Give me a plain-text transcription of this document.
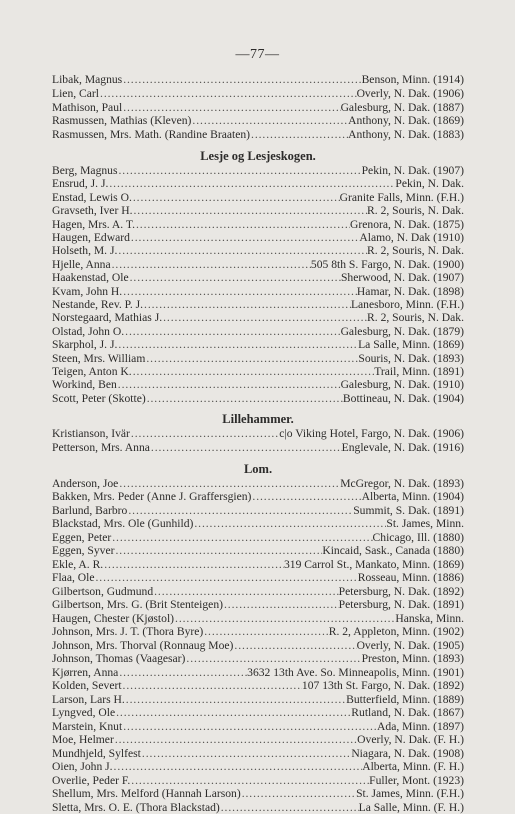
—77—
Libak, Magnus . . .	Benson, Minn. (1914)
Lien, Carl . . .	Overly, N. Dak. (1906)
Mathison, Paul . . .	Galesburg, N. Dak. (1887)
Rasmussen, Mathias (Kleven) . . .	Anthony, N. Dak. (1869)
Rasmussen, Mrs. Math. (Randine Braaten) . . .	Anthony, N. Dak. (1883)
Lesje og Lesjeskogen.
Berg, Magnus . . .	Pekin, N. Dak. (1907)
Ensrud, J. J. . . .	Pekin, N. Dak.
Enstad, Lewis O. . . .	Granite Falls, Minn. (F.H.)
Gravseth, Iver H. . . .	R. 2, Souris, N. Dak.
Hagen, Mrs. A. T. . . .	Grenora, N. Dak. (1875)
Haugen, Edward . . .	Alamo, N. Dak (1910)
Holseth, M. J. . . .	R. 2, Souris, N. Dak.
Hjelle, Anna . . .	505 8th S. Fargo, N. Dak. (1900)
Haakenstad, Ole . . .	Sherwood, N. Dak. (1907)
Kvam, John H. . . .	Hamar, N. Dak. (1898)
Nestande, Rev. P. J. . . .	Lanesboro, Minn. (F.H.)
Norstegaard, Mathias J. . . .	R. 2, Souris, N. Dak.
Olstad, John O. . . .	Galesburg, N. Dak. (1879)
Skarphol, J. J. . . .	La Salle, Minn. (1869)
Steen, Mrs. William . . .	Souris, N. Dak. (1893)
Teigen, Anton K. . . .	Trail, Minn. (1891)
Workind, Ben . . .	Galesburg, N. Dak. (1910)
Scott, Peter (Skotte) . . .	Bottineau, N. Dak. (1904)
Lillehammer.
Kristianson, Ivär . . .	c|o Viking Hotel, Fargo, N. Dak. (1906)
Petterson, Mrs. Anna . . .	Englevale, N. Dak. (1916)
Lom.
Anderson, Joe . . .	McGregor, N. Dak. (1893)
Bakken, Mrs. Peder (Anne J. Graffersgien) . . .	Alberta, Minn. (1904)
Barlund, Barbro . . .	Summit, S. Dak. (1891)
Blackstad, Mrs. Ole (Gunhild) . . .	St. James, Minn.
Eggen, Peter . . .	Chicago, Ill. (1880)
Eggen, Syver . . .	Kincaid, Sask., Canada (1880)
Ekle, A. R. . . .	319 Carrol St., Mankato, Minn. (1869)
Flaa, Ole . . .	Rosseau, Minn. (1886)
Gilbertson, Gudmund . . .	Petersburg, N. Dak. (1892)
Gilbertson, Mrs. G. (Brit Stenteigen) . . .	Petersburg, N. Dak. (1891)
Haugen, Chester (Kjøstol) . . .	Hanska, Minn.
Johnson, Mrs. J. T. (Thora Byre) . . .	R. 2, Appleton, Minn. (1902)
Johnson, Mrs. Thorval (Ronnaug Moe) . . .	Overly, N. Dak. (1905)
Johnson, Thomas (Vaagesar) . . .	Preston, Minn. (1893)
Kjørren, Anna . . .	3632 13th Ave. So. Minneapolis, Minn. (1901)
Kolden, Severt . . .	107 13th St. Fargo, N. Dak. (1892)
Larson, Lars H. . . .	Butterfield, Minn. (1889)
Lyngved, Ole . . .	Rutland, N. Dak. (1867)
Marstein, Knut . . .	Ada, Minn. (1897)
Moe, Helmer . . .	Overly, N. Dak. (F. H.)
Mundhjeld, Sylfest . . .	Niagara, N. Dak. (1908)
Oien, John J. . . .	Alberta, Minn. (F. H.)
Overlie, Peder F. . . .	Fuller, Mont. (1923)
Shellum, Mrs. Melford (Hannah Larson) . . .	St. James, Minn. (F.H.)
Sletta, Mrs. O. E. (Thora Blackstad) . . .	La Salle, Minn. (F. H.)
